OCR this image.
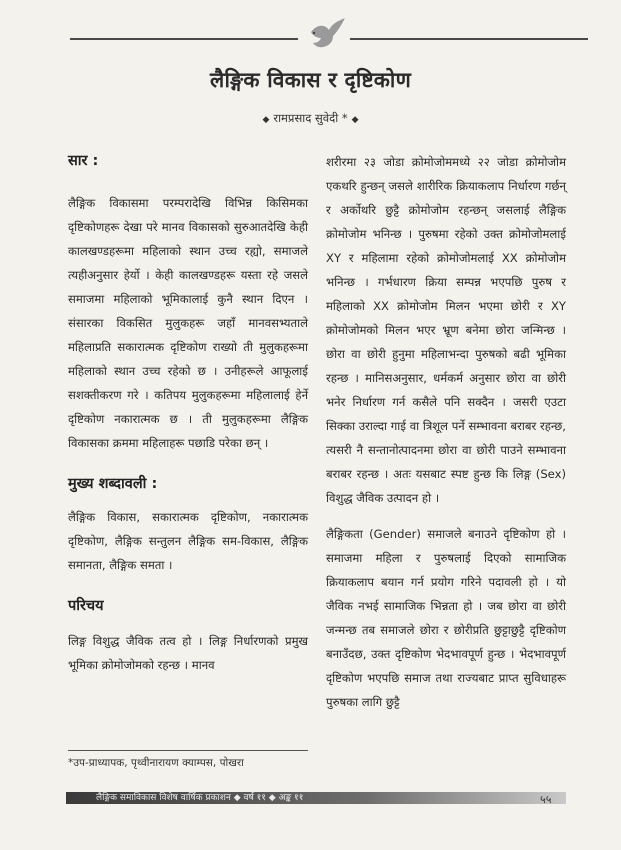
लैङ्गिक विकास र दृष्टिकोण
◆ रामप्रसाद सुवेदी * ◆
सार :

लैङ्गिक विकासमा परम्परादेखि विभिन्न किसिमका दृष्टिकोणहरू देखा परे मानव विकासको सुरुआतदेखि केही कालखण्डहरूमा महिलाको स्थान उच्च रह्यो, समाजले त्यहीअनुसार हेर्यो । केही कालखण्डहरू यस्ता रहे जसले समाजमा महिलाको भूमिकालाई कुनै स्थान दिएन । संसारका विकसित मुलुकहरू जहाँ मानवसभ्यताले महिलाप्रति सकारात्मक दृष्टिकोण राख्यो ती मुलुकहरूमा महिलाको स्थान उच्च रहेको छ । उनीहरूले आफूलाई सशक्तीकरण गरे । कतिपय मुलुकहरूमा महिलालाई हेर्ने दृष्टिकोण नकारात्मक छ । ती मुलुकहरूमा लैङ्गिक विकासका क्रममा महिलाहरू पछाडि परेका छन् ।

मुख्य शब्दावली :

लैङ्गिक विकास, सकारात्मक दृष्टिकोण, नकारात्मक दृष्टिकोण, लैङ्गिक सन्तुलन लैङ्गिक सम-विकास, लैङ्गिक समानता, लैङ्गिक समता ।

परिचय

लिङ्ग विशुद्ध जैविक तत्व हो । लिङ्ग निर्धारणको प्रमुख भूमिका क्रोमोजोमको रहन्छ । मानव

शरीरमा २३ जोडा क्रोमोजोममध्ये २२ जोडा क्रोमोजोम एकथरि हुन्छन् जसले शारीरिक क्रियाकलाप निर्धारण गर्छन् र अर्कोथरि छुट्टै क्रोमोजोम रहन्छन् जसलाई लैङ्गिक क्रोमोजोम भनिन्छ । पुरुषमा रहेको उक्त क्रोमोजोमलाई XY र महिलामा रहेको क्रोमोजोमलाई XX क्रोमोजोम भनिन्छ । गर्भधारण क्रिया सम्पन्न भएपछि पुरुष र महिलाको XX क्रोमोजोम मिलन भएमा छोरी र XY क्रोमोजोमको मिलन भएर भ्रूण बनेमा छोरा जन्मिन्छ । छोरा वा छोरी हुनुमा महिलाभन्दा पुरुषको बढी भूमिका रहन्छ । मानिसअनुसार, धर्मकर्म अनुसार छोरा वा छोरी भनेर निर्धारण गर्न कसैले पनि सक्दैन । जसरी एउटा सिक्का उराल्दा गाई वा त्रिशूल पर्ने सम्भावना बराबर रहन्छ, त्यसरी नै सन्तानोत्पादनमा छोरा वा छोरी पाउने सम्भावना बराबर रहन्छ । अतः यसबाट स्पष्ट हुन्छ कि लिङ्ग (Sex) विशुद्ध जैविक उत्पादन हो ।

लैङ्गिकता (Gender) समाजले बनाउने दृष्टिकोण हो । समाजमा महिला र पुरुषलाई दिएको सामाजिक क्रियाकलाप बयान गर्न प्रयोग गरिने पदावली हो । यो जैविक नभई सामाजिक भिन्नता हो । जब छोरा वा छोरी जन्मन्छ तब समाजले छोरा र छोरीप्रति छुट्टाछुट्टै दृष्टिकोण बनाउँदछ, उक्त दृष्टिकोण भेदभावपूर्ण हुन्छ । भेदभावपूर्ण दृष्टिकोण भएपछि समाज तथा राज्यबाट प्राप्त सुविधाहरू पुरुषका लागि छुट्टै

*उप-प्राध्यापक, पृथ्वीनारायण क्याम्पस, पोखरा
लैङ्गिक समाविकास विशेष वार्षिक प्रकाशन ◆ वर्ष ११ ◆ अङ्क ११	५५
